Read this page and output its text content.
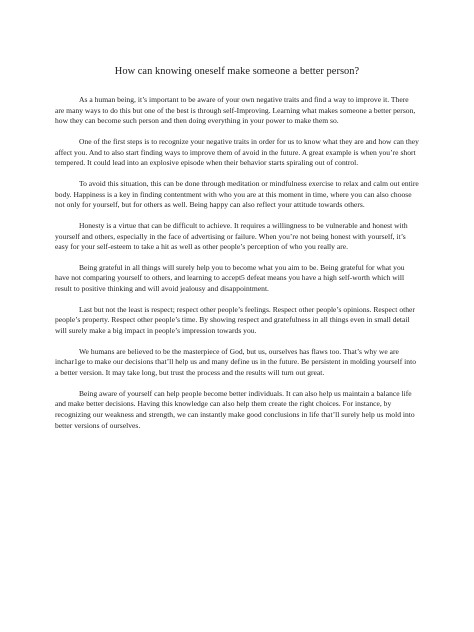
How can knowing oneself make someone a better person?

As a human being, it’s important to be aware of your own negative traits and find a way to improve it. There are many ways to do this but one of the best is through self-Improving. Learning what makes someone a better person, how they can become such person and then doing everything in your power to make them so.

One of the first steps is to recognize your negative traits in order for us to know what they are and how can they affect you. And to also start finding ways to improve them of avoid in the future. A great example is when you’re short tempered. It could lead into an explosive episode when their behavior starts spiraling out of control.

To avoid this situation, this can be done through meditation or mindfulness exercise to relax and calm out entire body. Happiness is a key in finding contentment with who you are at this moment in time, where you can also choose not only for yourself, but for others as well. Being happy can also reflect your attitude towards others.

Honesty is a virtue that can be difficult to achieve. It requires a willingness to be vulnerable and honest with yourself and others, especially in the face of advertising or failure. When you’re not being honest with yourself, it’s easy for your self-esteem to take a hit as well as other people’s perception of who you really are.

Being grateful in all things will surely help you to become what you aim to be. Being grateful for what you have not comparing yourself to others, and learning to accept5 defeat means you have a high self-worth which will result to positive thinking and will avoid jealousy and disappointment.

Last but not the least is respect; respect other people’s feelings. Respect other people’s opinions. Respect other people’s property. Respect other people’s time. By showing respect and gratefulness in all things even in small detail will surely make a big impact in people’s impression towards you.

We humans are believed to be the masterpiece of God, but us, ourselves has flaws too. That’s why we are inchar1ge to make our decisions that’ll help us and many define us in the future. Be persistent in molding yourself into a better version. It may take long, but trust the process and the results will turn out great.

Being aware of yourself can help people become better individuals. It can also help us maintain a balance life and make better decisions. Having this knowledge can also help them create the right choices. For instance, by recognizing our weakness and strength, we can instantly make good conclusions in life that’ll surely help us mold into better versions of ourselves.
